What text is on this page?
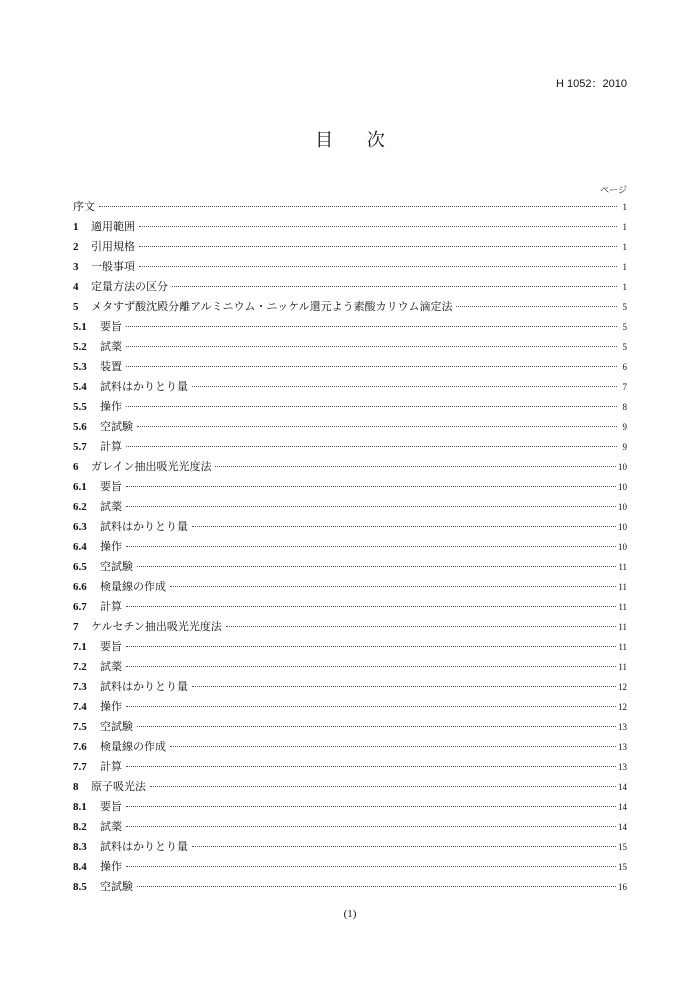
H 1052：2010
目 次
ページ
序文	1
1	適用範囲	1
2	引用規格	1
3	一般事項	1
4	定量方法の区分	1
5	メタすず酸沈殿分離アルミニウム・ニッケル還元よう素酸カリウム滴定法	5
5.1	要旨	5
5.2	試薬	5
5.3	装置	6
5.4	試料はかりとり量	7
5.5	操作	8
5.6	空試験	9
5.7	計算	9
6	ガレイン抽出吸光光度法	10
6.1	要旨	10
6.2	試薬	10
6.3	試料はかりとり量	10
6.4	操作	10
6.5	空試験	11
6.6	検量線の作成	11
6.7	計算	11
7	ケルセチン抽出吸光光度法	11
7.1	要旨	11
7.2	試薬	11
7.3	試料はかりとり量	12
7.4	操作	12
7.5	空試験	13
7.6	検量線の作成	13
7.7	計算	13
8	原子吸光法	14
8.1	要旨	14
8.2	試薬	14
8.3	試料はかりとり量	15
8.4	操作	15
8.5	空試験	16
(1)
